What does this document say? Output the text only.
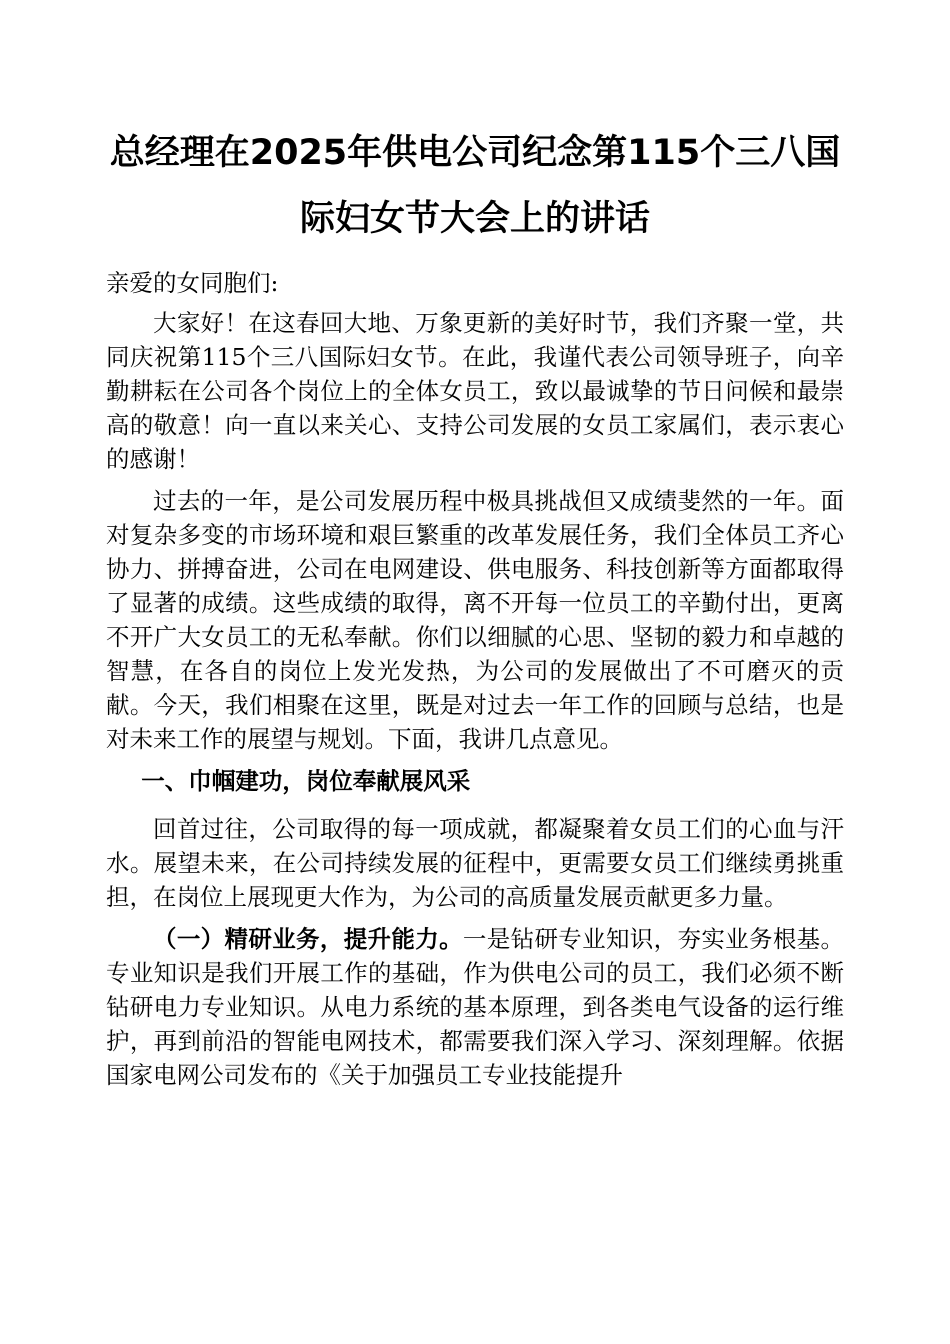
总经理在2025年供电公司纪念第115个三八国
际妇女节大会上的讲话

亲爱的女同胞们:

大家好！在这春回大地、万象更新的美好时节，我们齐聚一堂，共同庆祝第115个三八国际妇女节。在此，我谨代表公司领导班子，向辛勤耕耘在公司各个岗位上的全体女员工，致以最诚挚的节日问候和最崇高的敬意！向一直以来关心、支持公司发展的女员工家属们，表示衷心的感谢！

过去的一年，是公司发展历程中极具挑战但又成绩斐然的一年。面对复杂多变的市场环境和艰巨繁重的改革发展任务，我们全体员工齐心协力、拼搏奋进，公司在电网建设、供电服务、科技创新等方面都取得了显著的成绩。这些成绩的取得，离不开每一位员工的辛勤付出，更离不开广大女员工的无私奉献。你们以细腻的心思、坚韧的毅力和卓越的智慧，在各自的岗位上发光发热，为公司的发展做出了不可磨灭的贡献。今天，我们相聚在这里，既是对过去一年工作的回顾与总结，也是对未来工作的展望与规划。下面，我讲几点意见。

一、巾帼建功，岗位奉献展风采

回首过往，公司取得的每一项成就，都凝聚着女员工们的心血与汗水。展望未来，在公司持续发展的征程中，更需要女员工们继续勇挑重担，在岗位上展现更大作为，为公司的高质量发展贡献更多力量。

（一）精研业务，提升能力。一是钻研专业知识，夯实业务根基。专业知识是我们开展工作的基础，作为供电公司的员工，我们必须不断钻研电力专业知识。从电力系统的基本原理，到各类电气设备的运行维护，再到前沿的智能电网技术，都需要我们深入学习、深刻理解。依据国家电网公司发布的《关于加强员工专业技能提升
